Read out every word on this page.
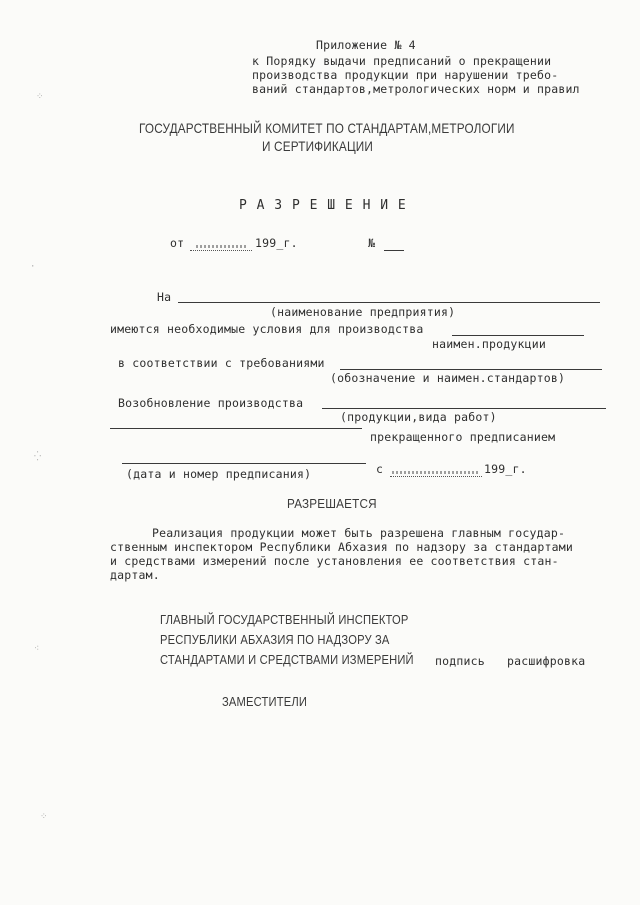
Приложение № 4
к Порядку выдачи предписаний о прекращении
производства продукции при нарушении требо-
ваний стандартов,метрологических норм и правил
ГОСУДАРСТВЕННЫЙ КОМИТЕТ ПО СТАНДАРТАМ,МЕТРОЛОГИИ
И СЕРТИФИКАЦИИ
Р А З Р Е Ш Е Н И Е
от	199_г.	№
На
(наименование предприятия)
имеются необходимые условия для производства
наимен.продукции
в соответствии с требованиями
(обозначение и наимен.стандартов)
Возобновление производства
(продукции,вида работ)
прекращенного предписанием
(дата и номер предписания)	с	199_г.
РАЗРЕШАЕТСЯ
Реализация продукции может быть разрешена главным государ-
ственным инспектором Республики Абхазия по надзору за стандартами
и средствами измерений после установления ее соответствия стан-
дартам.
ГЛАВНЫЙ ГОСУДАРСТВЕННЫЙ ИНСПЕКТОР
РЕСПУБЛИКИ АБХАЗИЯ ПО НАДЗОРУ ЗА
СТАНДАРТАМИ И СРЕДСТВАМИ ИЗМЕРЕНИЙ подпись расшифровка
ЗАМЕСТИТЕЛИ
⁘
·
⁛
⁖
⁘
